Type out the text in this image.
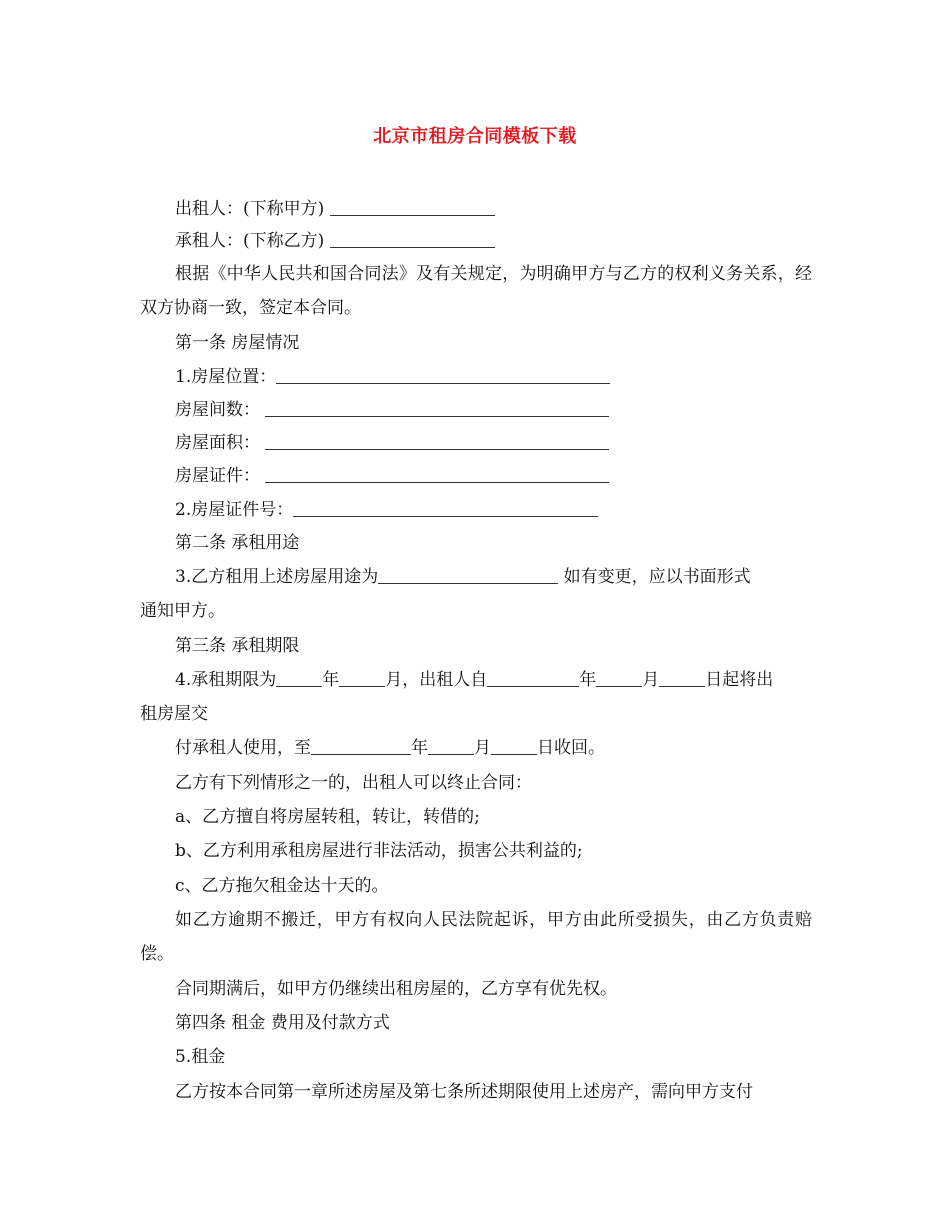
北京市租房合同模板下载

出租人：(下称甲方)

承租人：(下称乙方)

根据《中华人民共和国合同法》及有关规定，为明确甲方与乙方的权利义务关系，经双方协商一致，签定本合同。

第一条 房屋情况

1.房屋位置：

房屋间数：

房屋面积：

房屋证件：

2.房屋证件号：

第二条 承租用途

3.乙方租用上述房屋用途为	如有变更，应以书面形式

通知甲方。

第三条 承租期限

4.承租期限为	年	月，出租人自	年	月	日起将出

租房屋交

付承租人使用，至	年	月	日收回。

乙方有下列情形之一的，出租人可以终止合同：

a、乙方擅自将房屋转租，转让，转借的;

b、乙方利用承租房屋进行非法活动，损害公共利益的;

c、乙方拖欠租金达十天的。

如乙方逾期不搬迁，甲方有权向人民法院起诉，甲方由此所受损失，由乙方负责赔偿。

合同期满后，如甲方仍继续出租房屋的，乙方享有优先权。

第四条 租金 费用及付款方式

5.租金

乙方按本合同第一章所述房屋及第七条所述期限使用上述房产，需向甲方支付
